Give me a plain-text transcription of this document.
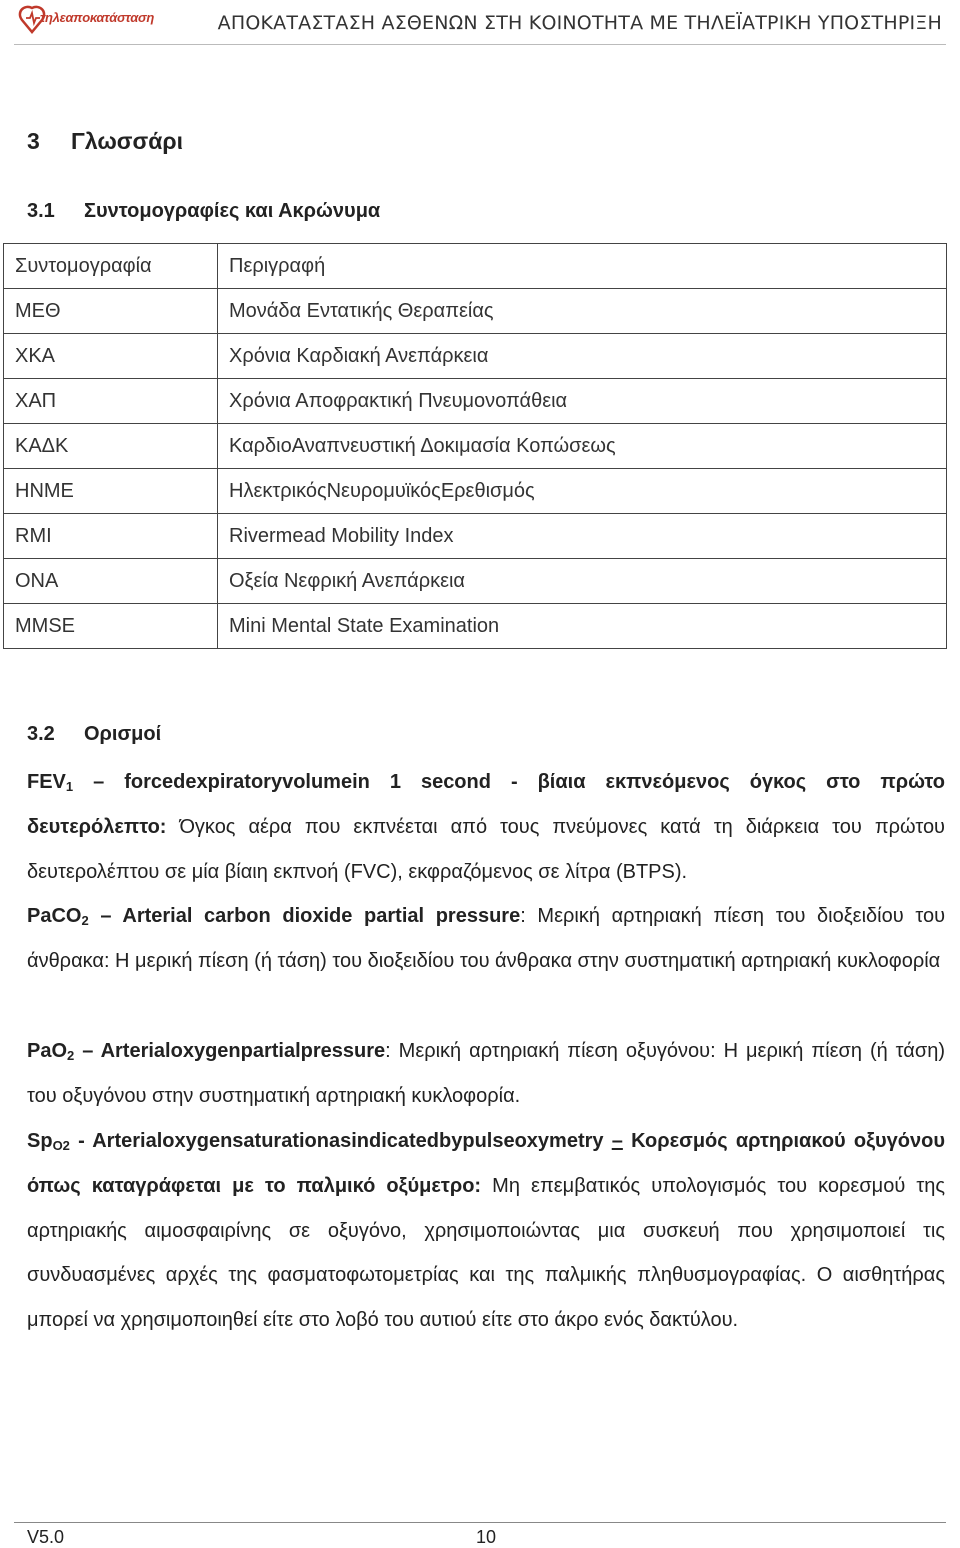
τηλεαποκατάσταση	ΑΠΟΚΑΤΑΣΤΑΣΗ ΑΣΘΕΝΩΝ ΣΤΗ ΚΟΙΝΟΤΗΤΑ ΜΕ ΤΗΛΕΪΑΤΡΙΚΗ ΥΠΟΣΤΗΡΙΞΗ
3 Γλωσσάρι
3.1 Συντομογραφίες και Ακρώνυμα
Συντομογραφία	Περιγραφή
ΜΕΘ	Μονάδα Εντατικής Θεραπείας
ΧΚΑ	Χρόνια Καρδιακή Ανεπάρκεια
ΧΑΠ	Χρόνια Αποφρακτική Πνευμονοπάθεια
ΚΑΔΚ	ΚαρδιοΑναπνευστική Δοκιμασία Κοπώσεως
ΗΝΜΕ	ΗλεκτρικόςΝευρομυϊκόςΕρεθισμός
RMI	Rivermead Mobility Index
ΟΝΑ	Οξεία Νεφρική Ανεπάρκεια
MMSE	Mini Mental State Examination
3.2 Ορισμοί
$FEV_1$ – forcedexpiratoryvolumein 1 second - βίαια εκπνεόμενος όγκος στο πρώτο δευτερόλεπτο: Όγκος αέρα που εκπνέεται από τους πνεύμονες κατά τη διάρκεια του πρώτου δευτερολέπτου σε μία βίαιη εκπνοή (FVC), εκφραζόμενος σε λίτρα (BTPS).
PaCO$_2$ – Arterial carbon dioxide partial pressure: Μερική αρτηριακή πίεση του διοξειδίου του άνθρακα: Η μερική πίεση (ή τάση) του διοξειδίου του άνθρακα στην συστηματική αρτηριακή κυκλοφορία
PaO$_2$ – Arterialoxygenpartialpressure: Μερική αρτηριακή πίεση οξυγόνου: Η μερική πίεση (ή τάση) του οξυγόνου στην συστηματική αρτηριακή κυκλοφορία.
$Sp_{O2}$ - Arterialoxygensaturationasindicatedbypulseoxymetry – Κορεσμός αρτηριακού οξυγόνου όπως καταγράφεται με το παλμικό οξύμετρο: Μη επεμβατικός υπολογισμός του κορεσμού της αρτηριακής αιμοσφαιρίνης σε οξυγόνο, χρησιμοποιώντας μια συσκευή που χρησιμοποιεί τις συνδυασμένες αρχές της φασματοφωτομετρίας και της παλμικής πληθυσμογραφίας. Ο αισθητήρας μπορεί να χρησιμοποιηθεί είτε στο λοβό του αυτιού είτε στο άκρο ενός δακτύλου.
V5.0	10
